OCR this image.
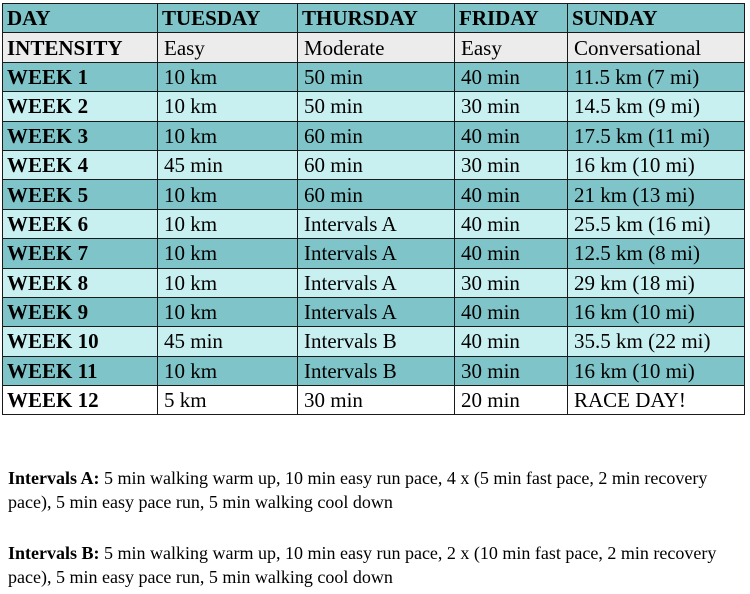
DAY	TUESDAY	THURSDAY	FRIDAY	SUNDAY
INTENSITY	Easy	Moderate	Easy	Conversational
WEEK 1	10 km	50 min	40 min	11.5 km (7 mi)
WEEK 2	10 km	50 min	30 min	14.5 km (9 mi)
WEEK 3	10 km	60 min	40 min	17.5 km (11 mi)
WEEK 4	45 min	60 min	30 min	16 km (10 mi)
WEEK 5	10 km	60 min	40 min	21 km (13 mi)
WEEK 6	10 km	Intervals A	40 min	25.5 km (16 mi)
WEEK 7	10 km	Intervals A	40 min	12.5 km (8 mi)
WEEK 8	10 km	Intervals A	30 min	29 km (18 mi)
WEEK 9	10 km	Intervals A	40 min	16 km (10 mi)
WEEK 10	45 min	Intervals B	40 min	35.5 km (22 mi)
WEEK 11	10 km	Intervals B	30 min	16 km (10 mi)
WEEK 12	5 km	30 min	20 min	RACE DAY!

Intervals A: 5 min walking warm up, 10 min easy run pace, 4 x (5 min fast pace, 2 min recovery pace), 5 min easy pace run, 5 min walking cool down

Intervals B: 5 min walking warm up, 10 min easy run pace, 2 x (10 min fast pace, 2 min recovery pace), 5 min easy pace run, 5 min walking cool down
